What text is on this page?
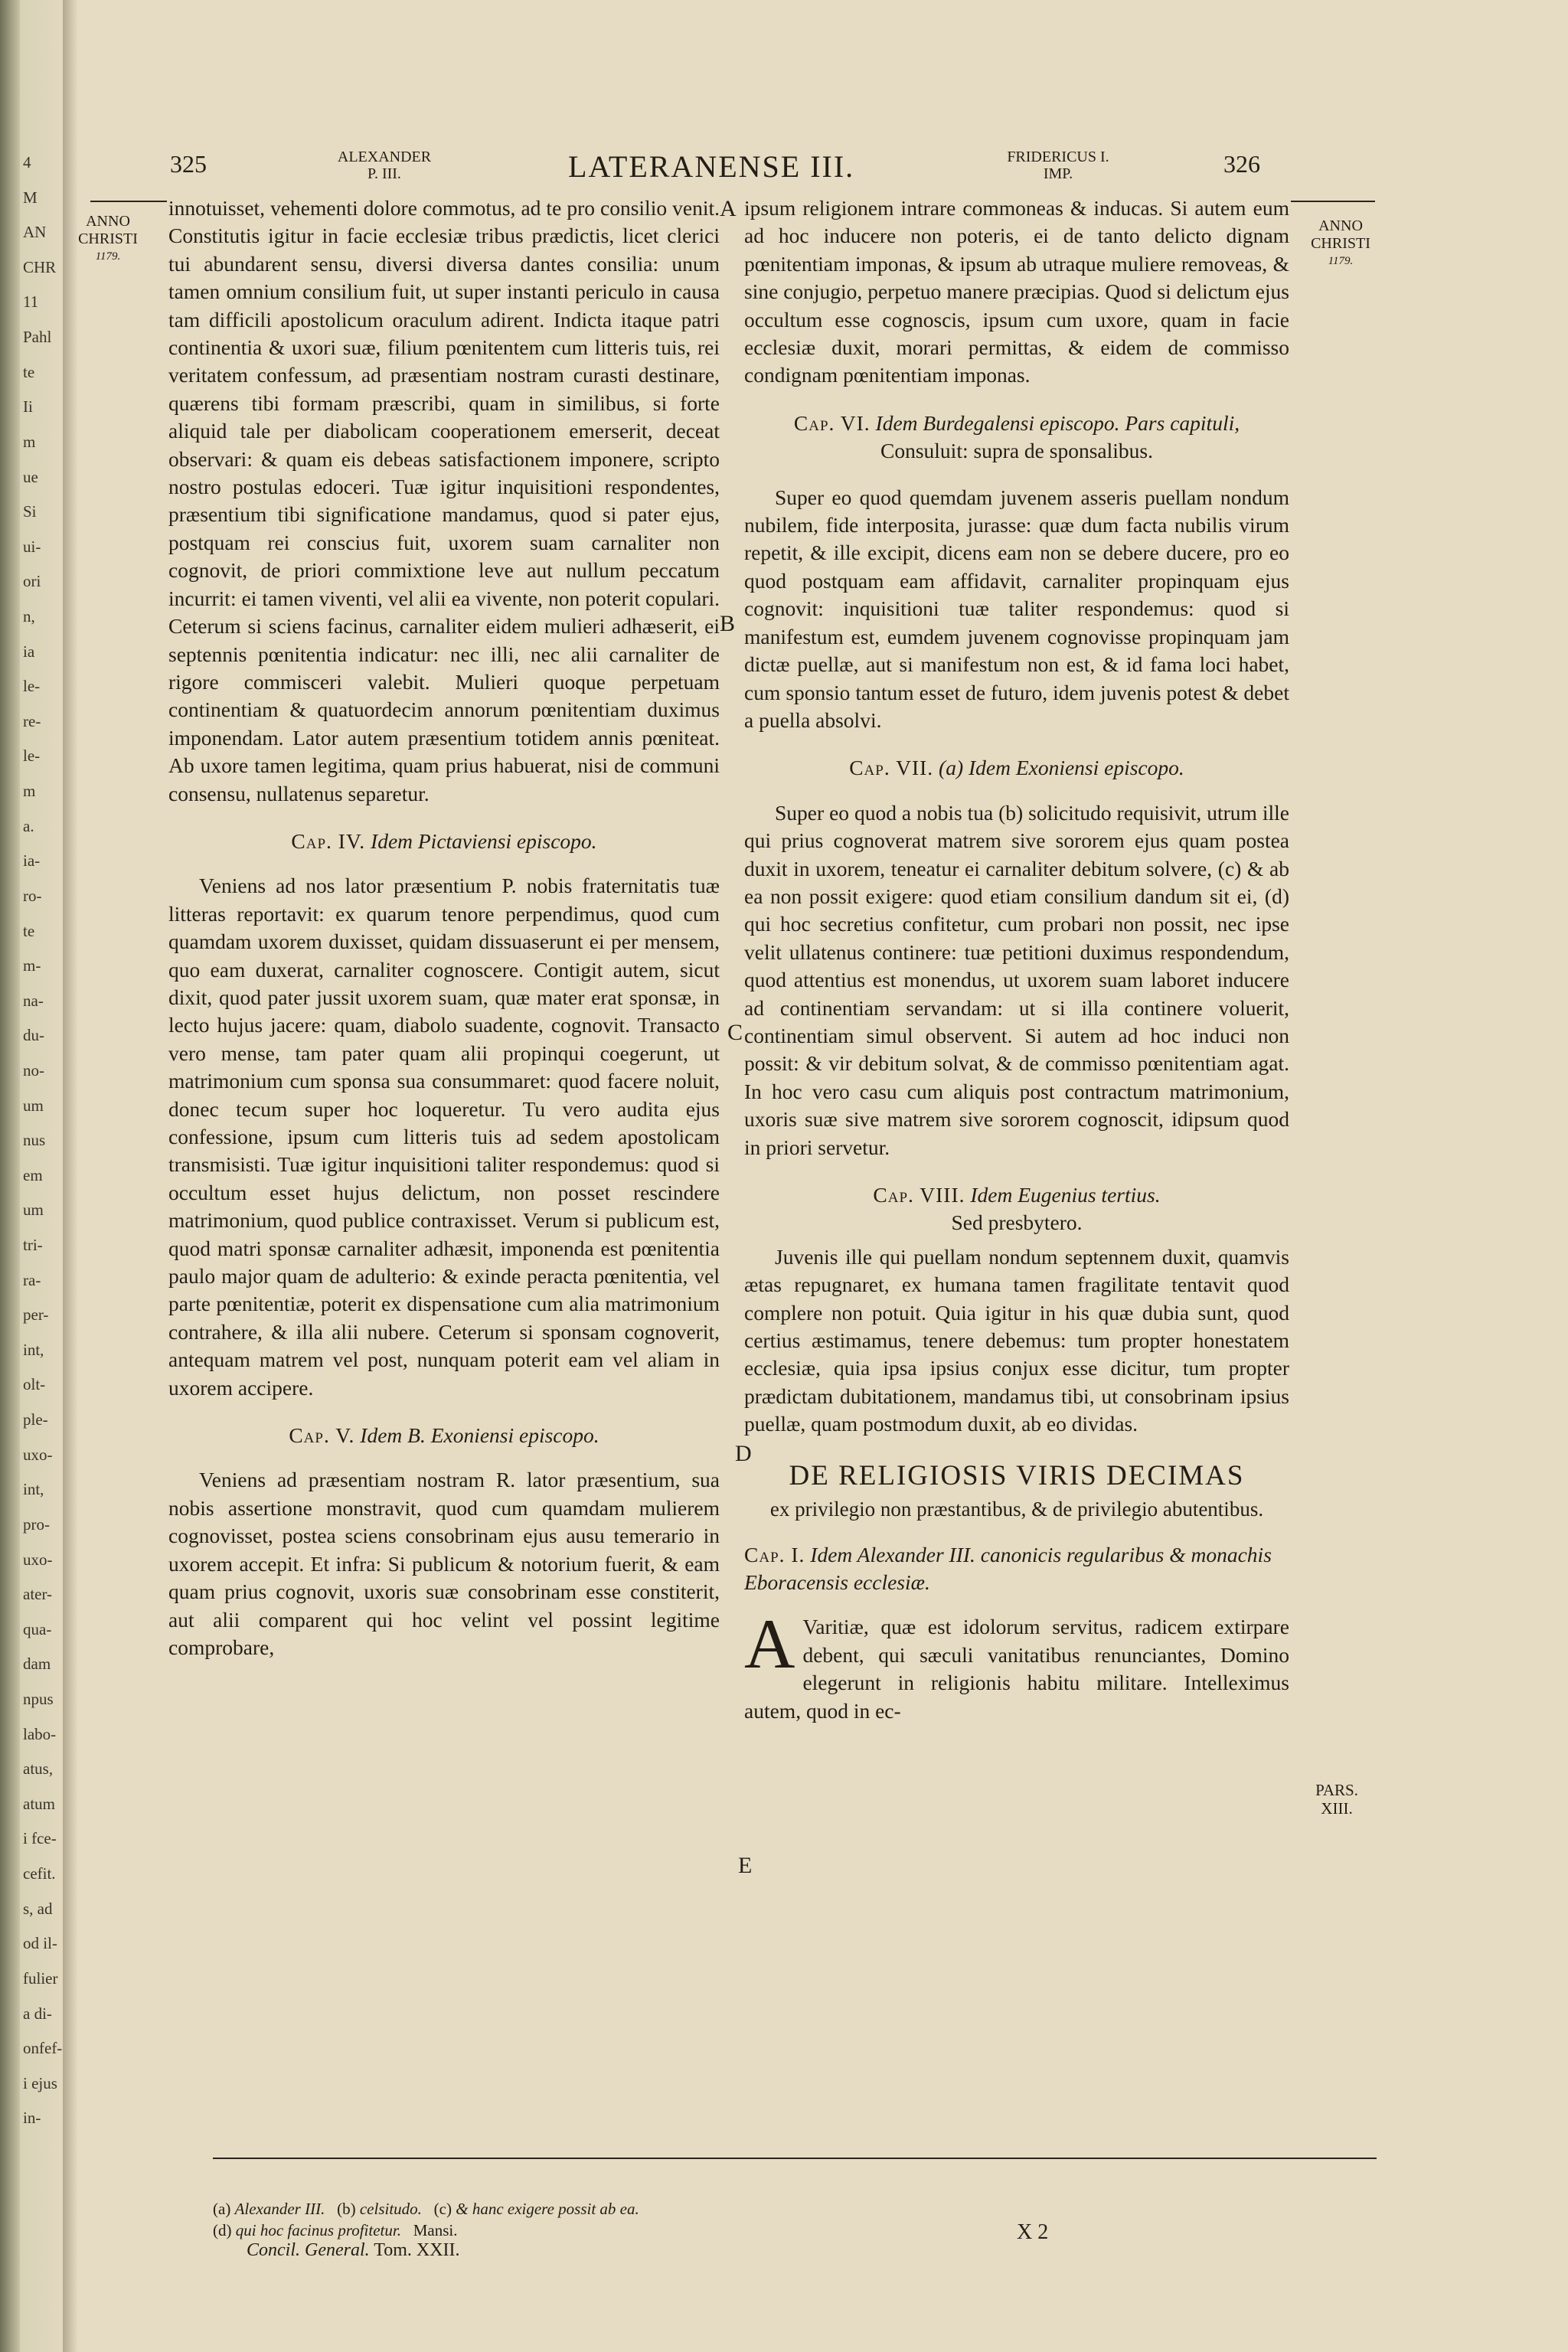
4
M
AN
CHR
11
Pahl
te
Ii
m
ue
Si
ui-
ori
n,
ia
le-
re-
le-
m
a.
ia-
ro-
te
m-
na-
du-
no-
um
nus
em
um
tri-
ra-
per-
int,
olt-
ple-
uxo-
int,
pro-
uxo-
ater-
qua-
dam
npus
labo-
atus,
atum
i fce-
cefit.
s, ad
od il-
fulier
a di-
onfef-
i ejus
in-
325	ALEXANDER
P. III.	LATERANENSE III.	FRIDERICUS I.
IMP.	326
ANNO
CHRISTI
1179.
ANNO
CHRISTI
1179.
A
B
C
D
E

innotuisset, vehementi dolore commotus, ad te pro consilio venit. Constitutis igitur in facie ecclesiæ tribus prædictis, licet clerici tui abundarent sensu, diversi diversa dantes consilia: unum tamen omnium consilium fuit, ut super instanti periculo in causa tam difficili apostolicum oraculum adirent. Indicta itaque patri continentia & uxori suæ, filium pœnitentem cum litteris tuis, rei veritatem confessum, ad præsentiam nostram curasti destinare, quærens tibi formam præscribi, quam in similibus, si forte aliquid tale per diabolicam cooperationem emerserit, deceat observari: & quam eis debeas satisfactionem imponere, scripto nostro postulas edoceri. Tuæ igitur inquisitioni respondentes, præsentium tibi significatione mandamus, quod si pater ejus, postquam rei conscius fuit, uxorem suam carnaliter non cognovit, de priori commixtione leve aut nullum peccatum incurrit: ei tamen viventi, vel alii ea vivente, non poterit copulari. Ceterum si sciens facinus, carnaliter eidem mulieri adhæserit, ei septennis pœnitentia indicatur: nec illi, nec alii carnaliter de rigore commisceri valebit. Mulieri quoque perpetuam continentiam & quatuordecim annorum pœnitentiam duximus imponendam. Lator autem præsentium totidem annis pœniteat. Ab uxore tamen legitima, quam prius habuerat, nisi de communi consensu, nullatenus separetur.

Cap. IV. Idem Pictaviensi episcopo.

Veniens ad nos lator præsentium P. nobis fraternitatis tuæ litteras reportavit: ex quarum tenore perpendimus, quod cum quamdam uxorem duxisset, quidam dissuaserunt ei per mensem, quo eam duxerat, carnaliter cognoscere. Contigit autem, sicut dixit, quod pater jussit uxorem suam, quæ mater erat sponsæ, in lecto hujus jacere: quam, diabolo suadente, cognovit. Transacto vero mense, tam pater quam alii propinqui coegerunt, ut matrimonium cum sponsa sua consummaret: quod facere noluit, donec tecum super hoc loqueretur. Tu vero audita ejus confessione, ipsum cum litteris tuis ad sedem apostolicam transmisisti. Tuæ igitur inquisitioni taliter respondemus: quod si occultum esset hujus delictum, non posset rescindere matrimonium, quod publice contraxisset. Verum si publicum est, quod matri sponsæ carnaliter adhæsit, imponenda est pœnitentia paulo major quam de adulterio: & exinde peracta pœnitentia, vel parte pœnitentiæ, poterit ex dispensatione cum alia matrimonium contrahere, & illa alii nubere. Ceterum si sponsam cognoverit, antequam matrem vel post, nunquam poterit eam vel aliam in uxorem accipere.

Cap. V. Idem B. Exoniensi episcopo.

Veniens ad præsentiam nostram R. lator præsentium, sua nobis assertione monstravit, quod cum quamdam mulierem cognovisset, postea sciens consobrinam ejus ausu temerario in uxorem accepit. Et infra: Si publicum & notorium fuerit, & eam quam prius cognovit, uxoris suæ consobrinam esse constiterit, aut alii comparent qui hoc velint vel possint legitime comprobare,

ipsum religionem intrare commoneas & inducas. Si autem eum ad hoc inducere non poteris, ei de tanto delicto dignam pœnitentiam imponas, & ipsum ab utraque muliere removeas, & sine conjugio, perpetuo manere præcipias. Quod si delictum ejus occultum esse cognoscis, ipsum cum uxore, quam in facie ecclesiæ duxit, morari permittas, & eidem de commisso condignam pœnitentiam imponas.

Cap. VI. Idem Burdegalensi episcopo. Pars capituli,
Consuluit: supra de sponsalibus.

Super eo quod quemdam juvenem asseris puellam nondum nubilem, fide interposita, jurasse: quæ dum facta nubilis virum repetit, & ille excipit, dicens eam non se debere ducere, pro eo quod postquam eam affidavit, carnaliter propinquam ejus cognovit: inquisitioni tuæ taliter respondemus: quod si manifestum est, eumdem juvenem cognovisse propinquam jam dictæ puellæ, aut si manifestum non est, & id fama loci habet, cum sponsio tantum esset de futuro, idem juvenis potest & debet a puella absolvi.

Cap. VII. (a) Idem Exoniensi episcopo.

Super eo quod a nobis tua (b) solicitudo requisivit, utrum ille qui prius cognoverat matrem sive sororem ejus quam postea duxit in uxorem, teneatur ei carnaliter debitum solvere, (c) & ab ea non possit exigere: quod etiam consilium dandum sit ei, (d) qui hoc secretius confitetur, cum probari non possit, nec ipse velit ullatenus continere: tuæ petitioni duximus respondendum, quod attentius est monendus, ut uxorem suam laboret inducere ad continentiam servandam: ut si illa continere voluerit, continentiam simul observent. Si autem ad hoc induci non possit: & vir debitum solvat, & de commisso pœnitentiam agat. In hoc vero casu cum aliquis post contractum matrimonium, uxoris suæ sive matrem sive sororem cognoscit, idipsum quod in priori servetur.

Cap. VIII. Idem Eugenius tertius.
Sed presbytero.

Juvenis ille qui puellam nondum septennem duxit, quamvis ætas repugnaret, ex humana tamen fragilitate tentavit quod complere non potuit. Quia igitur in his quæ dubia sunt, quod certius æstimamus, tenere debemus: tum propter honestatem ecclesiæ, quia ipsa ipsius conjux esse dicitur, tum propter prædictam dubitationem, mandamus tibi, ut consobrinam ipsius puellæ, quam postmodum duxit, ab eo dividas.

DE RELIGIOSIS VIRIS DECIMAS
ex privilegio non præstantibus, & de privilegio abutentibus.
Cap. I. Idem Alexander III. canonicis regularibus & monachis Eboracensis ecclesiæ.

A Varitiæ, quæ est idolorum servitus, radicem extirpare debent, qui sæculi vanitatibus renunciantes, Domino elegerunt in religionis habitu militare. Intelleximus autem, quod in ec-

PARS.
XIII.
(a) Alexander III. (b) celsitudo. (c) & hanc exigere possit ab ea.
(d) qui hoc facinus profitetur. Mansi.
Concil. General. Tom. XXII.
X 2
